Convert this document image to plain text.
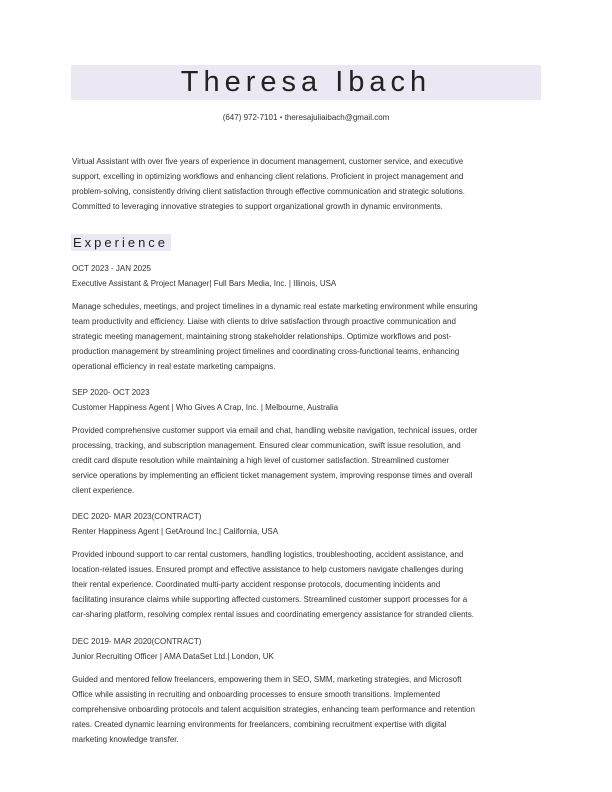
Theresa Ibach
(647) 972-7101 • theresajuliaibach@gmail.com
Virtual Assistant with over five years of experience in document management, customer service, and executive
support, excelling in optimizing workflows and enhancing client relations. Proficient in project management and
problem-solving, consistently driving client satisfaction through effective communication and strategic solutions.
Committed to leveraging innovative strategies to support organizational growth in dynamic environments.
Experience
OCT 2023 - JAN 2025
Executive Assistant & Project Manager| Full Bars Media, Inc. | Illinois, USA
Manage schedules, meetings, and project timelines in a dynamic real estate marketing environment while ensuring
team productivity and efficiency. Liaise with clients to drive satisfaction through proactive communication and
strategic meeting management, maintaining strong stakeholder relationships. Optimize workflows and post-
production management by streamlining project timelines and coordinating cross-functional teams, enhancing
operational efficiency in real estate marketing campaigns.
SEP 2020- OCT 2023
Customer Happiness Agent | Who Gives A Crap, Inc. | Melbourne, Australia
Provided comprehensive customer support via email and chat, handling website navigation, technical issues, order
processing, tracking, and subscription management. Ensured clear communication, swift issue resolution, and
credit card dispute resolution while maintaining a high level of customer satisfaction. Streamlined customer
service operations by implementing an efficient ticket management system, improving response times and overall
client experience.
DEC 2020- MAR 2023(CONTRACT)
Renter Happiness Agent | GetAround Inc.| California, USA
Provided inbound support to car rental customers, handling logistics, troubleshooting, accident assistance, and
location-related issues. Ensured prompt and effective assistance to help customers navigate challenges during
their rental experience. Coordinated multi-party accident response protocols, documenting incidents and
facilitating insurance claims while supporting affected customers. Streamlined customer support processes for a
car-sharing platform, resolving complex rental issues and coordinating emergency assistance for stranded clients.
DEC 2019- MAR 2020(CONTRACT)
Junior Recruiting Officer | AMA DataSet Ltd.| London, UK
Guided and mentored fellow freelancers, empowering them in SEO, SMM, marketing strategies, and Microsoft
Office while assisting in recruiting and onboarding processes to ensure smooth transitions. Implemented
comprehensive onboarding protocols and talent acquisition strategies, enhancing team performance and retention
rates. Created dynamic learning environments for freelancers, combining recruitment expertise with digital
marketing knowledge transfer.
